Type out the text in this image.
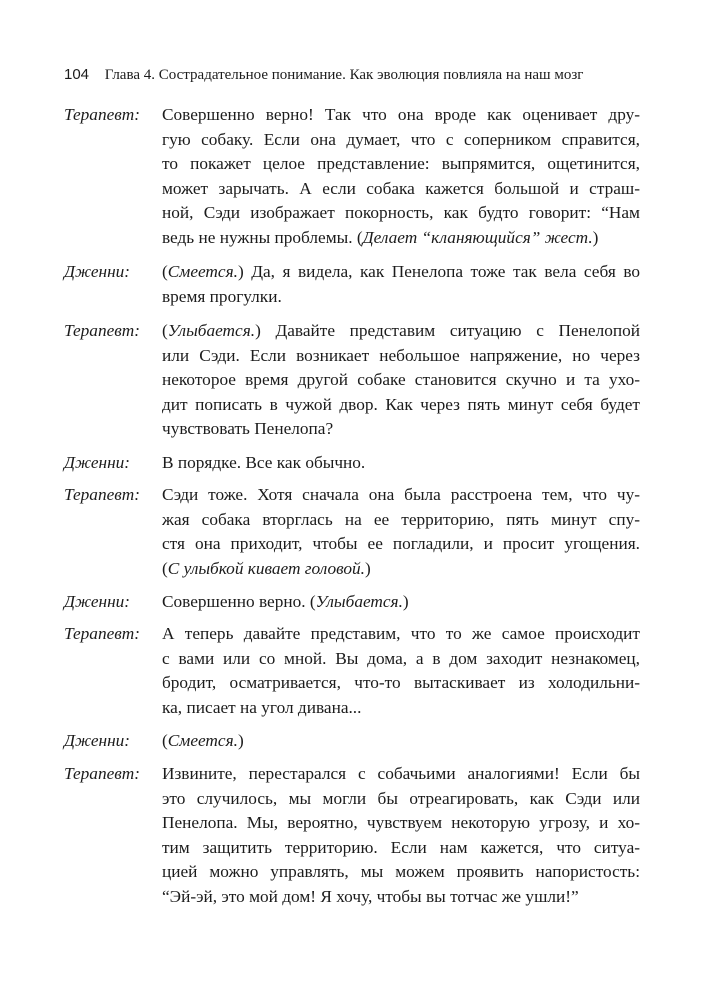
104 Глава 4. Сострадательное понимание. Как эволюция повлияла на наш мозг
Терапевт:	Совершенно верно! Так что она вроде как оценивает дру-
гую собаку. Если она думает, что с соперником справится,
то покажет целое представление: выпрямится, ощетинится,
может зарычать. А если собака кажется большой и страш-
ной, Сэди изображает покорность, как будто говорит: “Нам
ведь не нужны проблемы. (Делает “кланяющийся” жест.)
Дженни:	(Смеется.) Да, я видела, как Пенелопа тоже так вела себя во
время прогулки.
Терапевт:	(Улыбается.) Давайте представим ситуацию с Пенелопой
или Сэди. Если возникает небольшое напряжение, но через
некоторое время другой собаке становится скучно и та ухо-
дит пописать в чужой двор. Как через пять минут себя будет
чувствовать Пенелопа?
Дженни:	В порядке. Все как обычно.
Терапевт:	Сэди тоже. Хотя сначала она была расстроена тем, что чу-
жая собака вторглась на ее территорию, пять минут спу-
стя она приходит, чтобы ее погладили, и просит угощения.
(С улыбкой кивает головой.)
Дженни:	Совершенно верно. (Улыбается.)
Терапевт:	А теперь давайте представим, что то же самое происходит
с вами или со мной. Вы дома, а в дом заходит незнакомец,
бродит, осматривается, что-то вытаскивает из холодильни-
ка, писает на угол дивана...
Дженни:	(Смеется.)
Терапевт:	Извините, перестарался с собачьими аналогиями! Если бы
это случилось, мы могли бы отреагировать, как Сэди или
Пенелопа. Мы, вероятно, чувствуем некоторую угрозу, и хо-
тим защитить территорию. Если нам кажется, что ситуа-
цией можно управлять, мы можем проявить напористость:
“Эй-эй, это мой дом! Я хочу, чтобы вы тотчас же ушли!”
